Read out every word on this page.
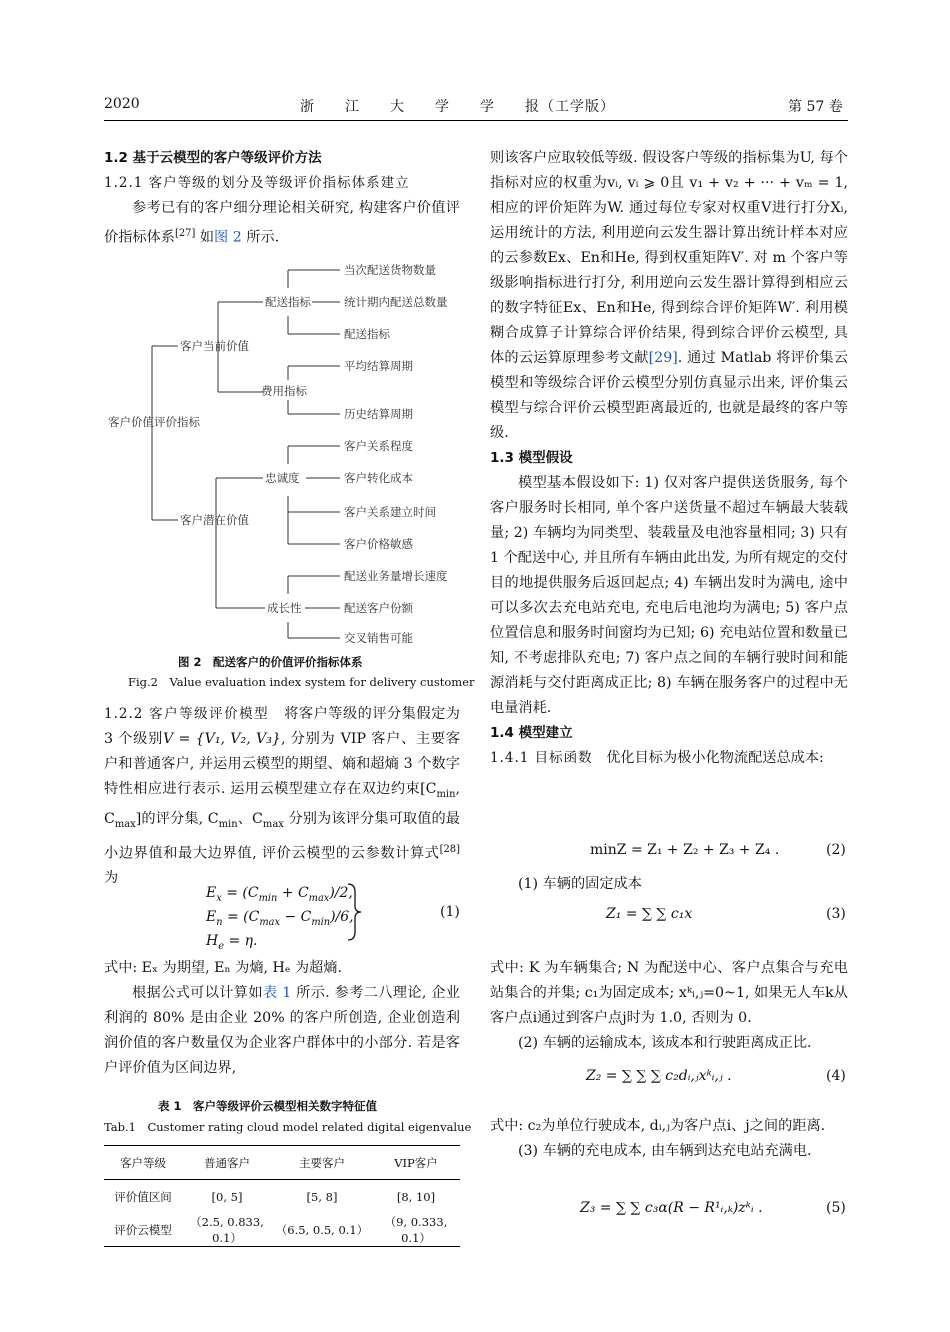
2020	浙　　江　　大　　学　　学　　报（工学版）	第 57 卷

1.2 基于云模型的客户等级评价方法

1.2.1 客户等级的划分及等级评价指标体系建立

参考已有的客户细分理论相关研究, 构建客户价值评价指标体系[27] 如图 2 所示.

客户价值评价指标
客户当前价值
客户潜在价值
配送指标
费用指标
当次配送货物数量
统计期内配送总数量
配送指标
平均结算周期
历史结算周期
忠诚度
成长性
客户关系程度
客户转化成本
客户关系建立时间
客户价格敏感
配送业务量增长速度
配送客户份额
交叉销售可能
图 2　配送客户的价值评价指标体系
Fig.2　Value evaluation index system for delivery customer

1.2.2 客户等级评价模型 将客户等级的评分集假定为 3 个级别V = {V₁, V₂, V₃}, 分别为 VIP 客户、主要客户和普通客户, 并运用云模型的期望、熵和超熵 3 个数字特性相应进行表示. 运用云模型建立存在双边约束[$C_{min}$, $C_{max}$]的评分集, $C_{min}$、$C_{max}$ 分别为该评分集可取值的最小边界值和最大边界值, 评价云模型的云参数计算式[28] 为

$E_x = (C_{min} + C_{max})/2$,
$E_n = (C_{max} - C_{min})/6$,
$H_e = \eta$.
(1)

式中: Eₓ 为期望, Eₙ 为熵, Hₑ 为超熵.

根据公式可以计算如表 1 所示. 参考二八理论, 企业利润的 80% 是由企业 20% 的客户所创造, 企业创造利润价值的客户数量仅为企业客户群体中的小部分. 若是客户评价值为区间边界,

表 1　客户等级评价云模型相关数字特征值
Tab.1　Customer rating cloud model related digital eigenvalue
客户等级	普通客户	主要客户	VIP客户
评价值区间	[0, 5]	[5, 8]	[8, 10]
评价云模型	（2.5, 0.833, 0.1）	（6.5, 0.5, 0.1）	（9, 0.333, 0.1）

则该客户应取较低等级. 假设客户等级的指标集为U, 每个指标对应的权重为vᵢ, vᵢ ⩾ 0且 v₁ + v₂ + ··· + vₘ = 1, 相应的评价矩阵为W. 通过每位专家对权重V进行打分Xᵢ, 运用统计的方法, 利用逆向云发生器计算出统计样本对应的云参数Ex、En和He, 得到权重矩阵V′. 对 m 个客户等级影响指标进行打分, 利用逆向云发生器计算得到相应云的数字特征Ex、En和He, 得到综合评价矩阵W′. 利用模糊合成算子计算综合评价结果, 得到综合评价云模型, 具体的云运算原理参考文献[29]. 通过 Matlab 将评价集云模型和等级综合评价云模型分别仿真显示出来, 评价集云模型与综合评价云模型距离最近的, 也就是最终的客户等级.

1.3 模型假设

模型基本假设如下: 1) 仅对客户提供送货服务, 每个客户服务时长相同, 单个客户送货量不超过车辆最大装载量; 2) 车辆均为同类型、装载量及电池容量相同; 3) 只有 1 个配送中心, 并且所有车辆由此出发, 为所有规定的交付目的地提供服务后返回起点; 4) 车辆出发时为满电, 途中可以多次去充电站充电, 充电后电池均为满电; 5) 客户点位置信息和服务时间窗均为已知; 6) 充电站位置和数量已知, 不考虑排队充电; 7) 客户点之间的车辆行驶时间和能源消耗与交付距离成正比; 8) 车辆在服务客户的过程中无电量消耗.

1.4 模型建立

1.4.1 目标函数 优化目标为极小化物流配送总成本:

minZ = Z₁ + Z₂ + Z₃ + Z₄ .	(2)

(1) 车辆的固定成本

Z₁ = ∑ ∑ c₁x	(3)

式中: K 为车辆集合; N 为配送中心、客户点集合与充电站集合的并集; c₁为固定成本; xᵏᵢ,ⱼ=0~1, 如果无人车k从客户点i通过到客户点j时为 1.0, 否则为 0.

(2) 车辆的运输成本, 该成本和行驶距离成正比.

Z₂ = ∑ ∑ ∑ c₂dᵢ,ⱼxᵏᵢ,ⱼ .	(4)

式中: c₂为单位行驶成本, dᵢ,ⱼ为客户点i、j之间的距离.

(3) 车辆的充电成本, 由车辆到达充电站充满电.

Z₃ = ∑ ∑ c₃α(R − R¹ᵢ,ₖ)zᵏᵢ .	(5)
